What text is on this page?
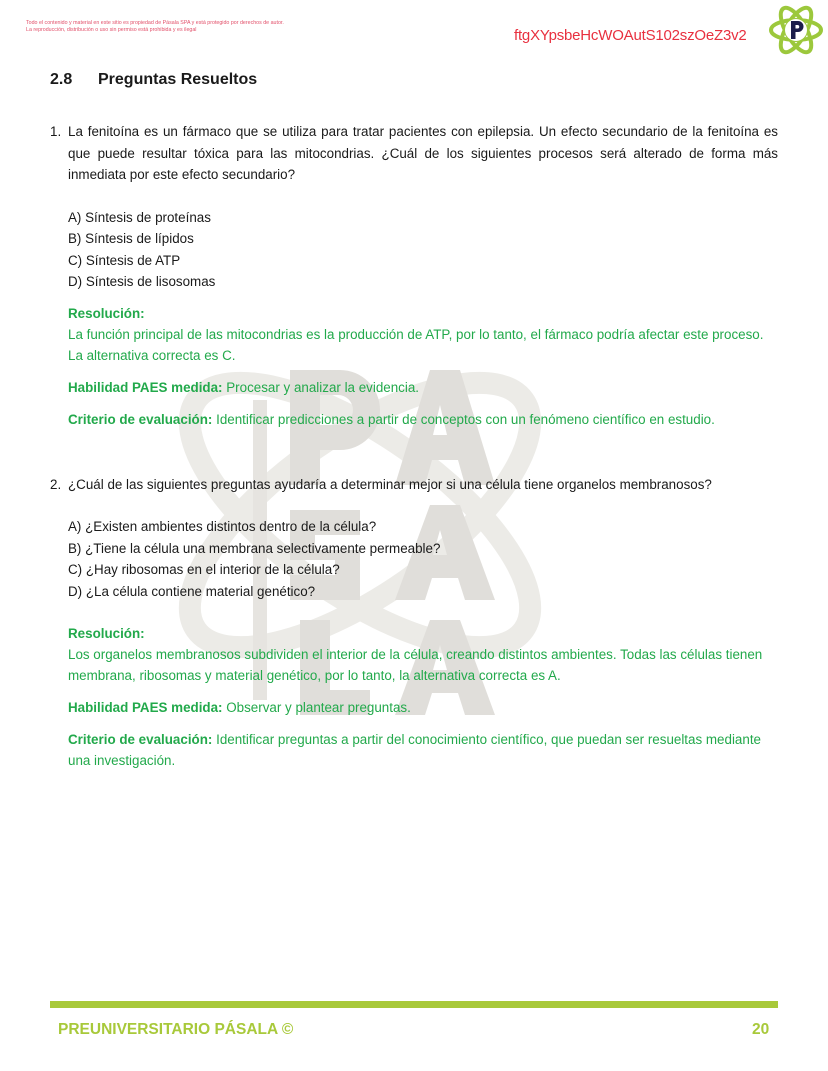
Todo el contenido y material en este sitio es propiedad de Pásala SPA y está protegido por derechos de autor.
La reproducción, distribución o uso sin permiso está prohibida y es ilegal	ftgXYpsbeHcWOAutS102szOeZ3v2
2.8 Preguntas Resueltos
1. La fenitoína es un fármaco que se utiliza para tratar pacientes con epilepsia. Un efecto secundario de la fenitoína es que puede resultar tóxica para las mitocondrias. ¿Cuál de los siguientes procesos será alterado de forma más inmediata por este efecto secundario?
A) Síntesis de proteínas
B) Síntesis de lípidos
C) Síntesis de ATP
D) Síntesis de lisosomas
Resolución:
La función principal de las mitocondrias es la producción de ATP, por lo tanto, el fármaco podría afectar este proceso. La alternativa correcta es C.
Habilidad PAES medida: Procesar y analizar la evidencia.
Criterio de evaluación: Identificar predicciones a partir de conceptos con un fenómeno científico en estudio.
2. ¿Cuál de las siguientes preguntas ayudaría a determinar mejor si una célula tiene organelos membranosos?
A) ¿Existen ambientes distintos dentro de la célula?
B) ¿Tiene la célula una membrana selectivamente permeable?
C) ¿Hay ribosomas en el interior de la célula?
D) ¿La célula contiene material genético?
Resolución:
Los organelos membranosos subdividen el interior de la célula, creando distintos ambientes. Todas las células tienen membrana, ribosomas y material genético, por lo tanto, la alternativa correcta es A.
Habilidad PAES medida: Observar y plantear preguntas.
Criterio de evaluación: Identificar preguntas a partir del conocimiento científico, que puedan ser resueltas mediante una investigación.
PREUNIVERSITARIO PÁSALA ©	20
